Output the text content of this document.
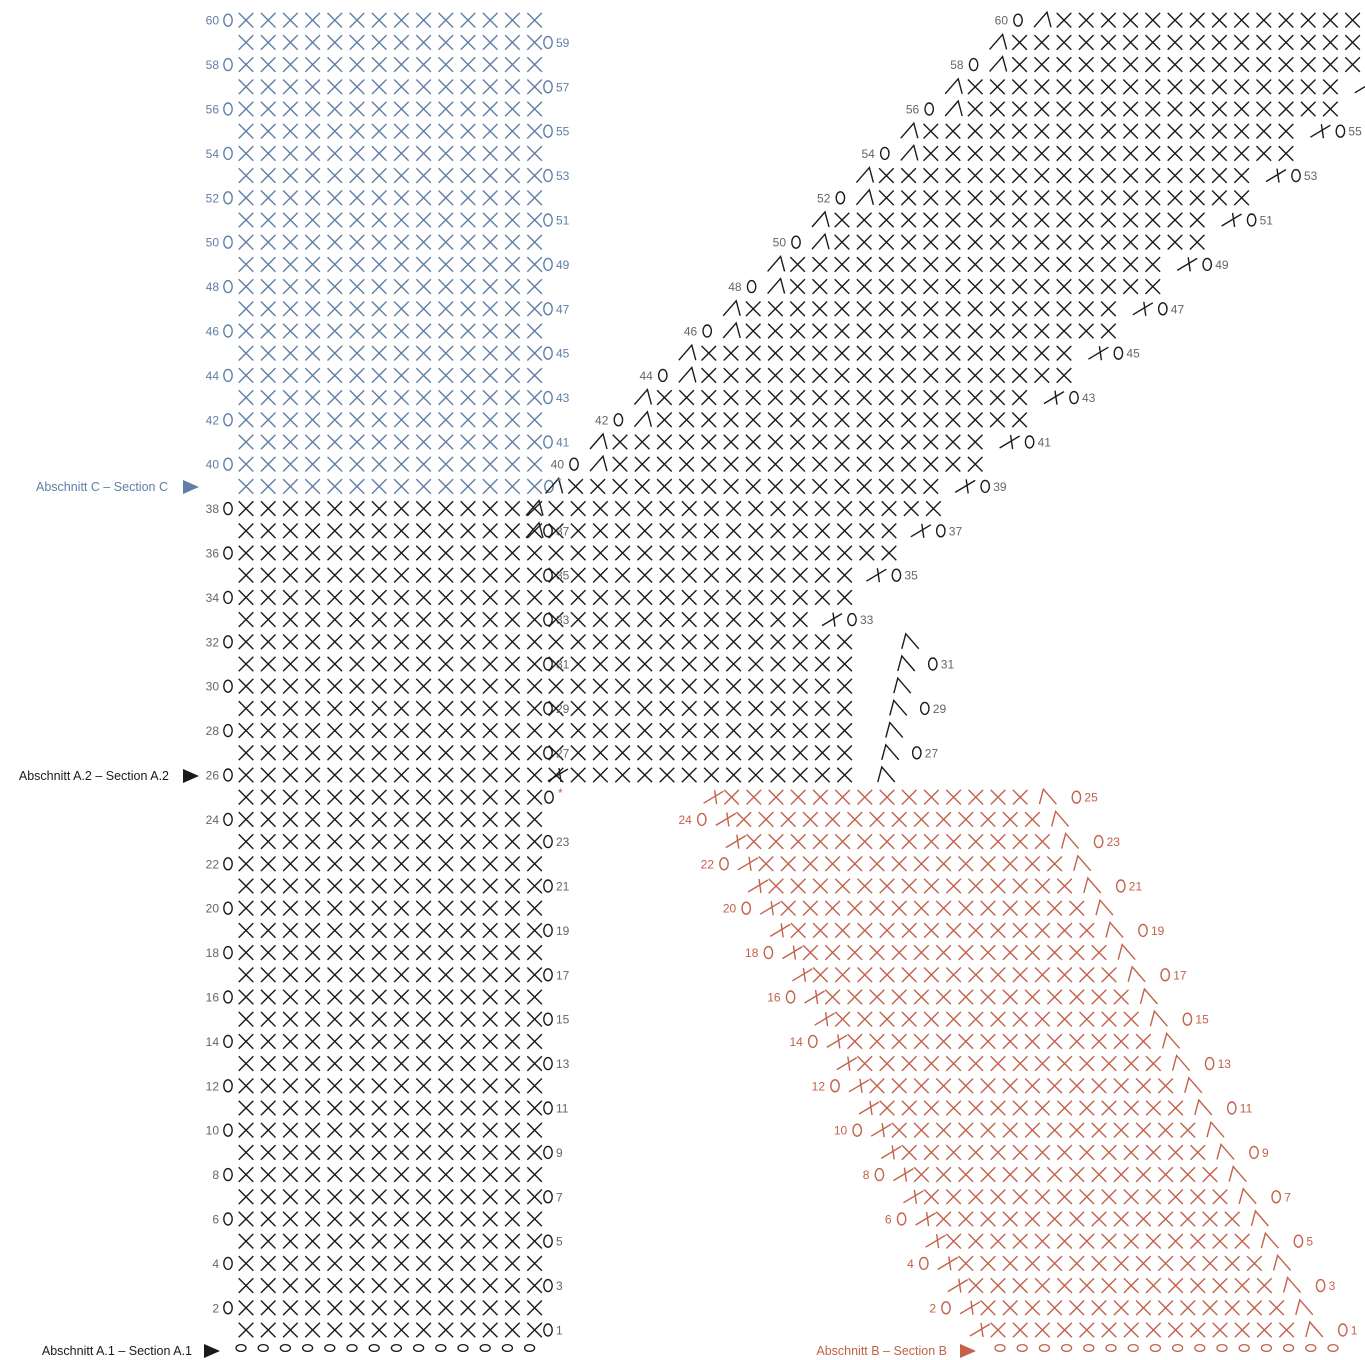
1
2
3
4
5
6
7
8
9
10
11
12
13
14
15
16
17
18
19
20
21
22
23
24
26
27
28
29
30
31
32
33
34
35
36
37
38
40
41
42
43
44
45
46
47
48
49
50
51
52
53
54
55
56
57
58
59
60
1
2
3
4
5
6
7
8
9
10
11
12
13
14
15
16
17
18
19
20
21
22
23
24
25
27
29
31
33
35
37
39
40
41
42
43
44
45
46
47
48
49
50
51
52
53
54
55
56
58
60
Abschnitt C – Section C
Abschnitt A.2 – Section A.2
Abschnitt A.1 – Section A.1	Abschnitt B – Section B
*
*
